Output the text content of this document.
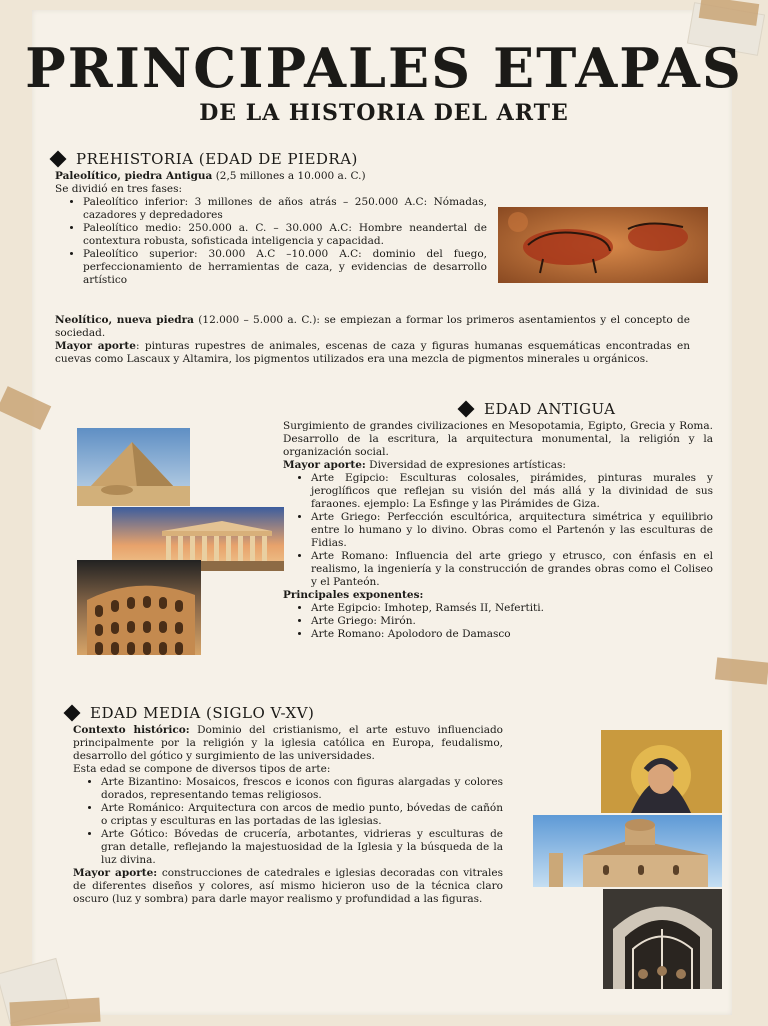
PRINCIPALES ETAPAS
DE LA HISTORIA DEL ARTE
PREHISTORIA (EDAD DE PIEDRA)

Paleolítico, piedra Antigua (2,5 millones a 10.000 a. C.)

Se dividió en tres fases:

• Paleolítico inferior: 3 millones de años atrás – 250.000 A.C: Nómadas, cazadores y depredadores
• Paleolítico medio: 250.000 a. C. – 30.000 A.C: Hombre neandertal de contextura robusta, sofisticada inteligencia y capacidad.
• Paleolítico superior: 30.000 A.C –10.000 A.C: dominio del fuego, perfeccionamiento de herramientas de caza, y evidencias de desarrollo artístico

Neolítico, nueva piedra (12.000 – 5.000 a. C.): se empiezan a formar los primeros asentamientos y el concepto de sociedad.

Mayor aporte: pinturas rupestres de animales, escenas de caza y figuras humanas esquemáticas encontradas en cuevas como Lascaux y Altamira, los pigmentos utilizados era una mezcla de pigmentos minerales u orgánicos.

EDAD ANTIGUA

Surgimiento de grandes civilizaciones en Mesopotamia, Egipto, Grecia y Roma. Desarrollo de la escritura, la arquitectura monumental, la religión y la organización social.

Mayor aporte: Diversidad de expresiones artísticas:

• Arte Egipcio: Esculturas colosales, pirámides, pinturas murales y jeroglíficos que reflejan su visión del más allá y la divinidad de sus faraones. ejemplo: La Esfinge y las Pirámides de Giza.
• Arte Griego: Perfección escultórica, arquitectura simétrica y equilibrio entre lo humano y lo divino. Obras como el Partenón y las esculturas de Fidias.
• Arte Romano: Influencia del arte griego y etrusco, con énfasis en el realismo, la ingeniería y la construcción de grandes obras como el Coliseo y el Panteón.

Principales exponentes:

• Arte Egipcio: Imhotep, Ramsés II, Nefertiti.
• Arte Griego: Mirón.
• Arte Romano: Apolodoro de Damasco
EDAD MEDIA (SIGLO V-XV)

Contexto histórico: Dominio del cristianismo, el arte estuvo influenciado principalmente por la religión y la iglesia católica en Europa, feudalismo, desarrollo del gótico y surgimiento de las universidades.

Esta edad se compone de diversos tipos de arte:

• Arte Bizantino: Mosaicos, frescos e iconos con figuras alargadas y colores dorados, representando temas religiosos.
• Arte Románico: Arquitectura con arcos de medio punto, bóvedas de cañón o criptas y esculturas en las portadas de las iglesias.
• Arte Gótico: Bóvedas de crucería, arbotantes, vidrieras y esculturas de gran detalle, reflejando la majestuosidad de la Iglesia y la búsqueda de la luz divina.

Mayor aporte: construcciones de catedrales e iglesias decoradas con vitrales de diferentes diseños y colores, así mismo hicieron uso de la técnica claro oscuro (luz y sombra) para darle mayor realismo y profundidad a las figuras.
